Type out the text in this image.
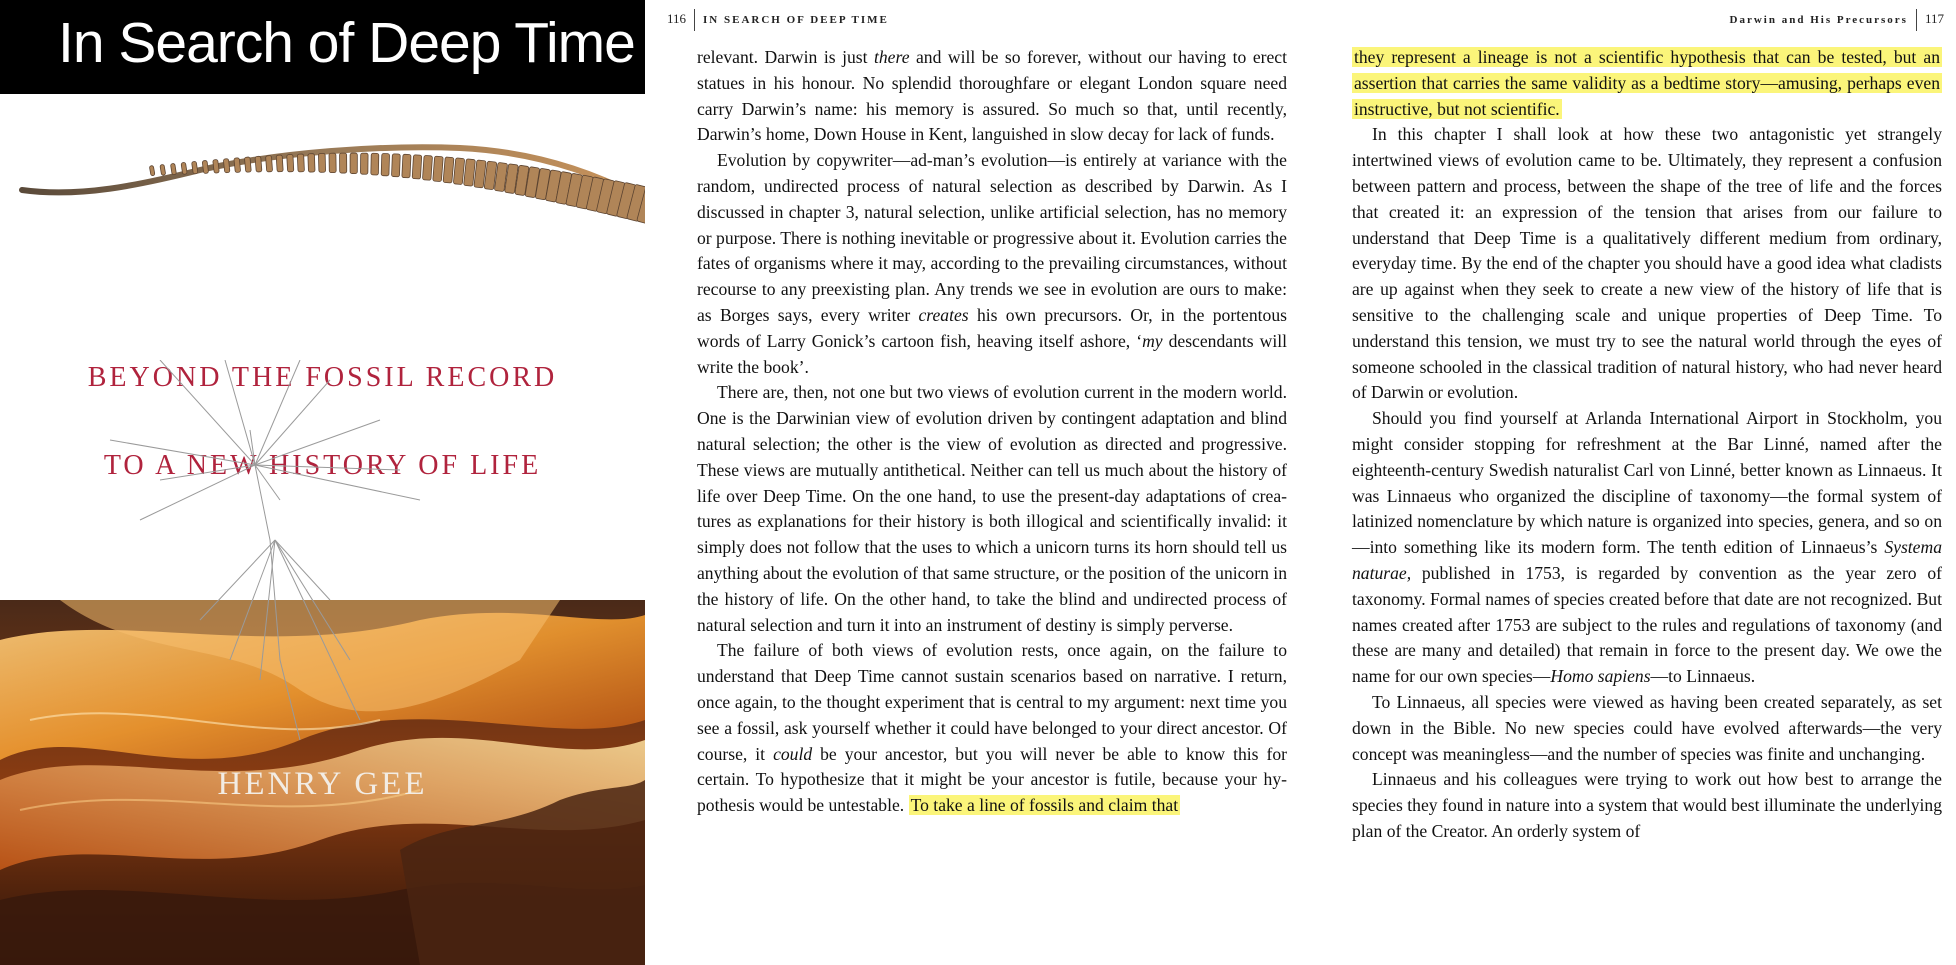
In Search of Deep Time
BEYOND THE FOSSIL RECORD
TO A NEW HISTORY OF LIFE
HENRY GEE
116 IN SEARCH OF DEEP TIME

relevant. Darwin is just there and will be so forever, without our having to erect statues in his honour. No splendid thoroughfare or elegant London square need carry Darwin’s name: his memory is assured. So much so that, until recently, Darwin’s home, Down House in Kent, languished in slow decay for lack of funds.

Evolution by copywriter—ad-man’s evolution—is entirely at variance with the random, undirected process of natural selection as described by Darwin. As I discussed in chapter 3, natural selection, unlike artificial selection, has no memory or purpose. There is nothing inevitable or progressive about it. Evolution carries the fates of organisms where it may, according to the prevailing circumstances, without recourse to any preexisting plan. Any trends we see in evolution are ours to make: as Borges says, every writer creates his own precursors. Or, in the portentous words of Larry Gonick’s cartoon fish, heaving itself ashore, ‘my descendants will write the book’.

There are, then, not one but two views of evolution current in the modern world. One is the Darwinian view of evolution driven by contingent adaptation and blind natural selection; the other is the view of evolution as directed and progressive. These views are mutually antithetical. Neither can tell us much about the history of life over Deep Time. On the one hand, to use the present-day adaptations of creatures as explanations for their history is both illogical and scientifically invalid: it simply does not follow that the uses to which a unicorn turns its horn should tell us anything about the evolution of that same structure, or the position of the unicorn in the history of life. On the other hand, to take the blind and undirected process of natural selection and turn it into an instrument of destiny is simply perverse.

The failure of both views of evolution rests, once again, on the failure to understand that Deep Time cannot sustain scenarios based on narrative. I return, once again, to the thought experiment that is central to my argument: next time you see a fossil, ask yourself whether it could have belonged to your direct ancestor. Of course, it could be your ancestor, but you will never be able to know this for certain. To hypothesize that it might be your ancestor is futile, because your hypothesis would be untestable. To take a line of fossils and claim that

Darwin and His Precursors 117

they represent a lineage is not a scientific hypothesis that can be tested, but an assertion that carries the same validity as a bedtime story—amusing, perhaps even instructive, but not scientific.

In this chapter I shall look at how these two antagonistic yet strangely intertwined views of evolution came to be. Ultimately, they represent a confusion between pattern and process, between the shape of the tree of life and the forces that created it: an expression of the tension that arises from our failure to understand that Deep Time is a qualitatively different medium from ordinary, everyday time. By the end of the chapter you should have a good idea what cladists are up against when they seek to create a new view of the history of life that is sensitive to the challenging scale and unique properties of Deep Time. To understand this tension, we must try to see the natural world through the eyes of someone schooled in the classical tradition of natural history, who had never heard of Darwin or evolution.

Should you find yourself at Arlanda International Airport in Stockholm, you might consider stopping for refreshment at the Bar Linné, named after the eighteenth-century Swedish naturalist Carl von Linné, better known as Linnaeus. It was Linnaeus who organized the discipline of taxonomy—the formal system of latinized nomenclature by which nature is organized into species, genera, and so on—into something like its modern form. The tenth edition of Linnaeus’s Systema naturae, published in 1753, is regarded by convention as the year zero of taxonomy. Formal names of species created before that date are not recognized. But names created after 1753 are subject to the rules and regulations of taxonomy (and these are many and detailed) that remain in force to the present day. We owe the name for our own species—Homo sapiens—to Linnaeus.

To Linnaeus, all species were viewed as having been created separately, as set down in the Bible. No new species could have evolved afterwards—the very concept was meaningless—and the number of species was finite and unchanging.

Linnaeus and his colleagues were trying to work out how best to arrange the species they found in nature into a system that would best illuminate the underlying plan of the Creator. An orderly system of
